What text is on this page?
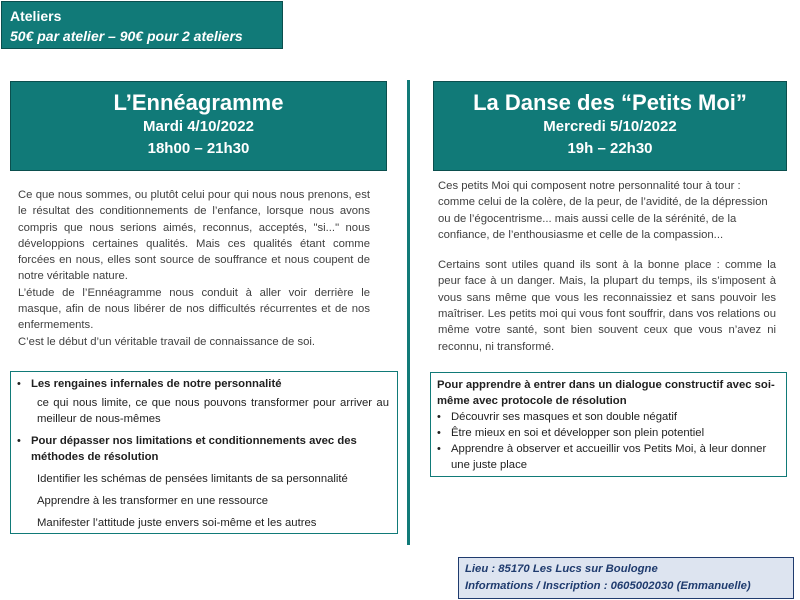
Ateliers
50€ par atelier – 90€ pour 2 ateliers
L’Ennéagramme
Mardi 4/10/2022
18h00 – 21h30
La Danse des “Petits Moi”
Mercredi 5/10/2022
19h – 22h30

Ce que nous sommes, ou plutôt celui pour qui nous nous prenons, est le résultat des conditionnements de l’enfance, lorsque nous avons compris que nous serions aimés, reconnus, acceptés, "si..." nous développions certaines qualités. Mais ces qualités étant comme forcées en nous, elles sont source de souffrance et nous coupent de notre véritable nature.

L’étude de l’Ennéagramme nous conduit à aller voir derrière le masque, afin de nous libérer de nos difficultés récurrentes et de nos enfermements.

C’est le début d’un véritable travail de connaissance de soi.

Ces petits Moi qui composent notre personnalité tour à tour : comme celui de la colère, de la peur, de l’avidité, de la dépression ou de l’égocentrisme... mais aussi celle de la sérénité, de la confiance, de l’enthousiasme et celle de la compassion...

Certains sont utiles quand ils sont à la bonne place : comme la peur face à un danger. Mais, la plupart du temps, ils s’imposent à vous sans même que vous les reconnaissiez et sans pouvoir les maîtriser. Les petits moi qui vous font souffrir, dans vos relations ou même votre santé, sont bien souvent ceux que vous n’avez ni reconnu, ni transformé.

• Les rengaines infernales de notre personnalité
ce qui nous limite, ce que nous pouvons transformer pour arriver au meilleur de nous-mêmes
• Pour dépasser nos limitations et conditionnements avec des méthodes de résolution
Identifier les schémas de pensées limitants de sa personnalité
Apprendre à les transformer en une ressource
Manifester l’attitude juste envers soi-même et les autres
Pour apprendre à entrer dans un dialogue constructif avec soi-même avec protocole de résolution
• Découvrir ses masques et son double négatif
• Être mieux en soi et développer son plein potentiel
• Apprendre à observer et accueillir vos Petits Moi, à leur donner une juste place
Lieu : 85170 Les Lucs sur Boulogne
Informations / Inscription : 0605002030 (Emmanuelle)
